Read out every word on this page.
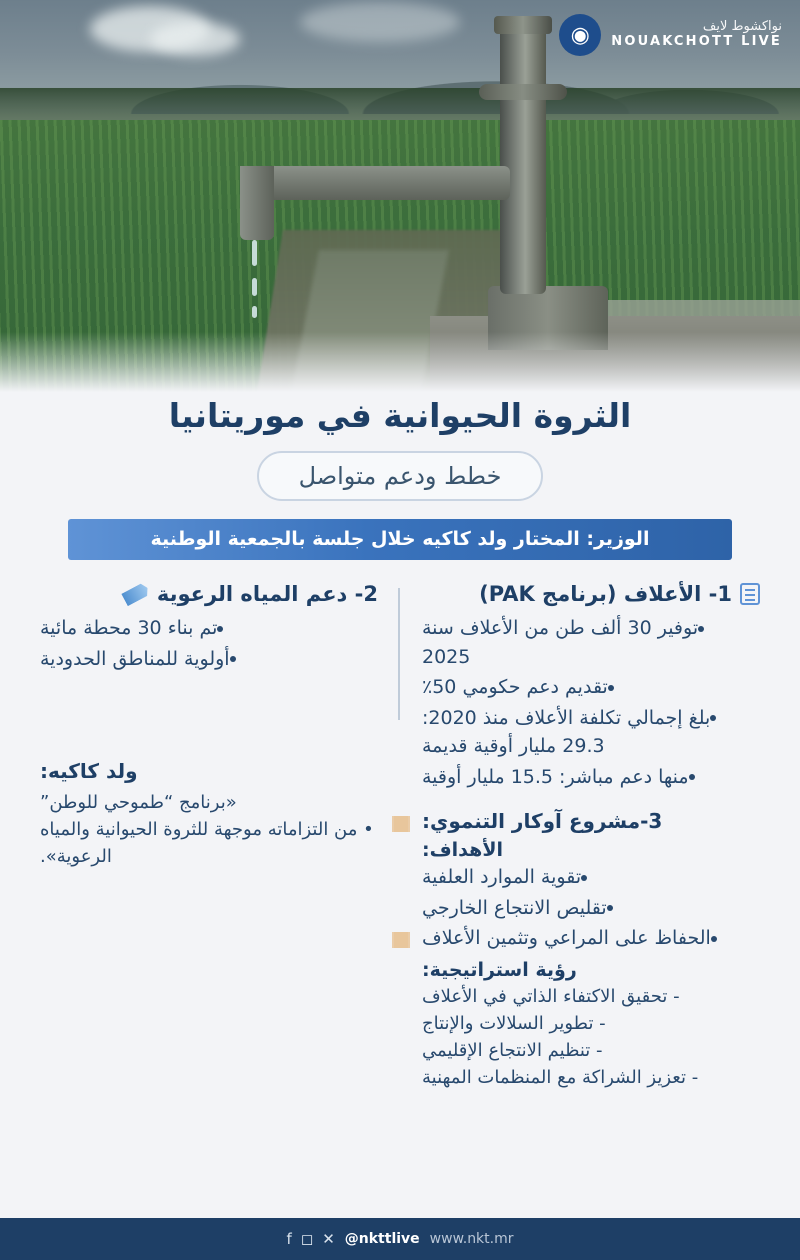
نواكشوط لايف
NOUAKCHOTT LIVE
◉
الثروة الحيوانية في موريتانيا
خطط ودعم متواصل
الوزير: المختار ولد كاكيه خلال جلسة بالجمعية الوطنية
1- الأعلاف (برنامج PAK)
توفير 30 ألف طن من الأعلاف سنة 2025
تقديم دعم حكومي 50٪
بلغ إجمالي تكلفة الأعلاف منذ 2020: 29.3 مليار أوقية قديمة
منها دعم مباشر: 15.5 مليار أوقية
3-مشروع آوكار التنموي:
الأهداف:
تقوية الموارد العلفية
تقليص الانتجاع الخارجي
الحفاظ على المراعي وتثمين الأعلاف
رؤية استراتيجية:

- تحقيق الاكتفاء الذاتي في الأعلاف

- تطوير السلالات والإنتاج

- تنظيم الانتجاع الإقليمي

- تعزيز الشراكة مع المنظمات المهنية

2- دعم المياه الرعوية
تم بناء 30 محطة مائية
أولوية للمناطق الحدودية
ولد كاكيه:

«برنامج “طموحي للوطن”

• من التزاماته موجهة للثروة الحيوانية والمياه الرعوية».

f ◻ ✕ @nkttlive www.nkt.mr
